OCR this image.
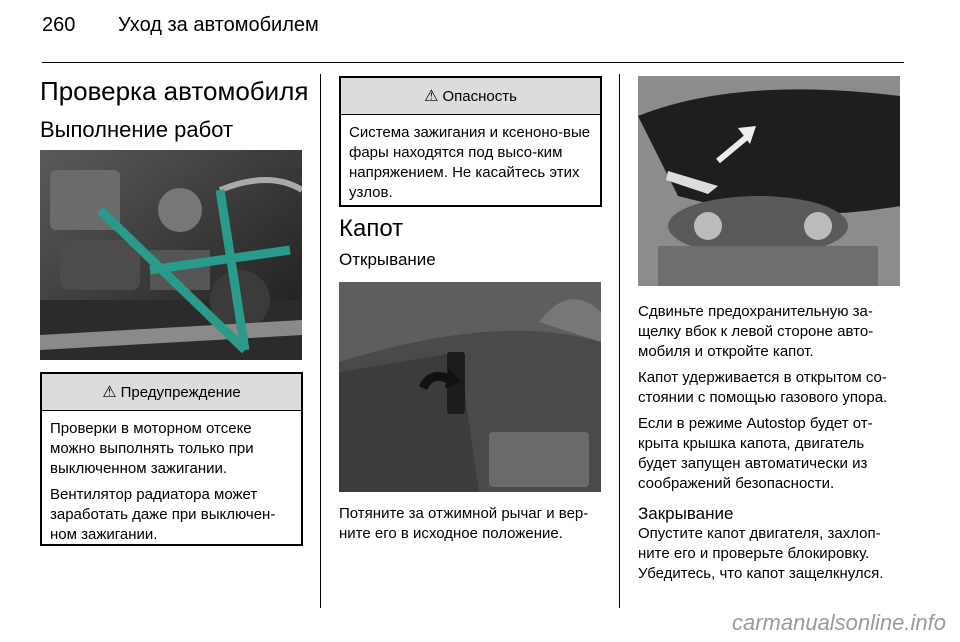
260 Уход за автомобилем
Проверка автомобиля
Выполнение работ
⚠ Предупреждение

Проверки в моторном отсеке можно выполнять только при выключенном зажигании.

Вентилятор радиатора может заработать даже при выключен-ном зажигании.

⚠ Опасность

Система зажигания и ксеноно-вые фары находятся под высо-ким напряжением. Не касайтесь этих узлов.

Капот
Открывание

Потяните за отжимной рычаг и вер-ните его в исходное положение.

Сдвиньте предохранительную за-щелку вбок к левой стороне авто-мобиля и откройте капот.

Капот удерживается в открытом со-стоянии с помощью газового упора.

Если в режиме Autostop будет от-крыта крышка капота, двигатель будет запущен автоматически из соображений безопасности.

Закрывание

Опустите капот двигателя, захлоп-ните его и проверьте блокировку. Убедитесь, что капот защелкнулся.

carmanualsonline.info
